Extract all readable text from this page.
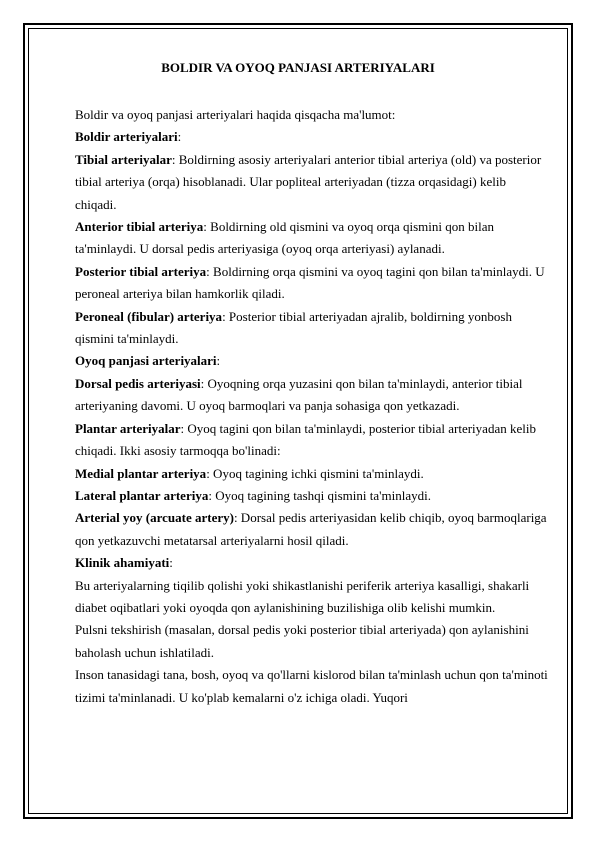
BOLDIR VA OYOQ PANJASI ARTERIYALARI

Boldir va oyoq panjasi arteriyalari haqida qisqacha ma'lumot:

Boldir arteriyalari:

Tibial arteriyalar: Boldirning asosiy arteriyalari anterior tibial arteriya (old) va posterior tibial arteriya (orqa) hisoblanadi. Ular popliteal arteriyadan (tizza orqasidagi) kelib chiqadi.

Anterior tibial arteriya: Boldirning old qismini va oyoq orqa qismini qon bilan ta'minlaydi. U dorsal pedis arteriyasiga (oyoq orqa arteriyasi) aylanadi.

Posterior tibial arteriya: Boldirning orqa qismini va oyoq tagini qon bilan ta'minlaydi. U peroneal arteriya bilan hamkorlik qiladi.

Peroneal (fibular) arteriya: Posterior tibial arteriyadan ajralib, boldirning yonbosh qismini ta'minlaydi.

Oyoq panjasi arteriyalari:

Dorsal pedis arteriyasi: Oyoqning orqa yuzasini qon bilan ta'minlaydi, anterior tibial arteriyaning davomi. U oyoq barmoqlari va panja sohasiga qon yetkazadi.

Plantar arteriyalar: Oyoq tagini qon bilan ta'minlaydi, posterior tibial arteriyadan kelib chiqadi. Ikki asosiy tarmoqqa bo'linadi:

Medial plantar arteriya: Oyoq tagining ichki qismini ta'minlaydi.

Lateral plantar arteriya: Oyoq tagining tashqi qismini ta'minlaydi.

Arterial yoy (arcuate artery): Dorsal pedis arteriyasidan kelib chiqib, oyoq barmoqlariga qon yetkazuvchi metatarsal arteriyalarni hosil qiladi.

Klinik ahamiyati:

Bu arteriyalarning tiqilib qolishi yoki shikastlanishi periferik arteriya kasalligi, shakarli diabet oqibatlari yoki oyoqda qon aylanishining buzilishiga olib kelishi mumkin.

Pulsni tekshirish (masalan, dorsal pedis yoki posterior tibial arteriyada) qon aylanishini baholash uchun ishlatiladi.

Inson tanasidagi tana, bosh, oyoq va qo'llarni kislorod bilan ta'minlash uchun qon ta'minoti tizimi ta'minlanadi. U ko'plab kemalarni o'z ichiga oladi. Yuqori
